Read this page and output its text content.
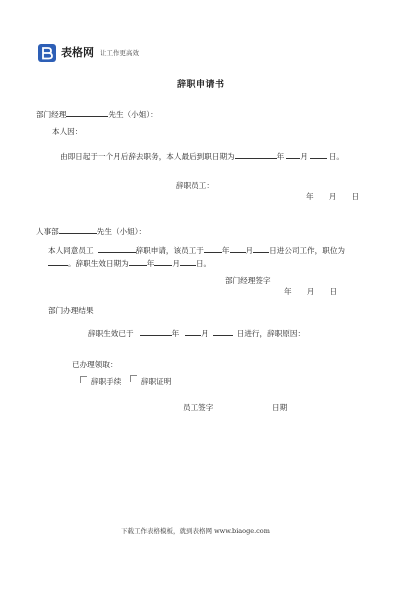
表格网 让工作更高效
辞职申请书
部门经理	先生（小姐）：
本人因：
由即日起于一个月后辞去职务，本人最后到职日期为	年 月	日。
辞职员工：
年　　月　　日
人事部	先生（小姐）：
本人同意员工	辞职申请，该员工于 年 月 日进公司工作，职位为
。辞职生效日期为 年 月 日。
部门经理签字
年　　月　　日
部门办理结果
辞职生效已于	年	月	日进行，辞职原因：
已办理领取：
辞职手续	辞职证明
员工签字	日期
下载工作表格模板，就到表格网 www.biaoge.com
